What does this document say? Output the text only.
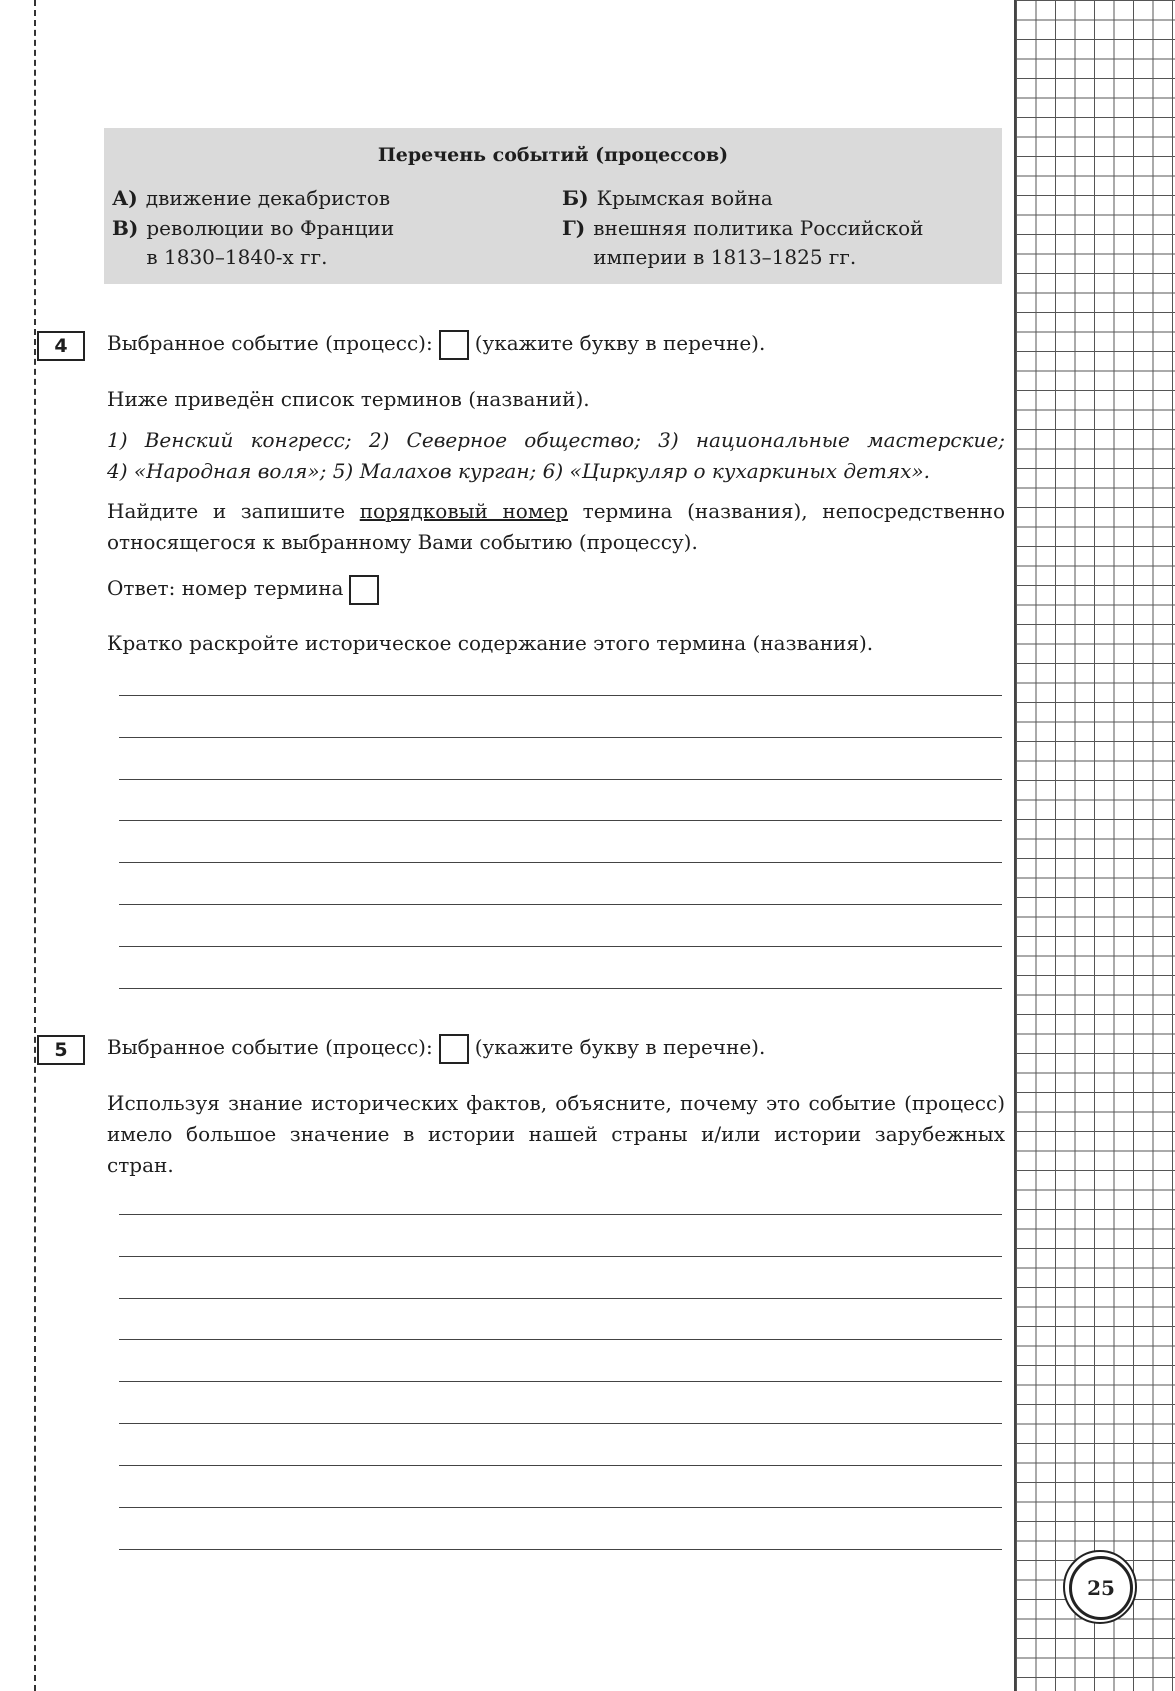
25
Перечень событий (процессов)
А) движение декабристов	Б) Крымская война
В) революции во Франции
в 1830–1840-х гг.
Г) внешняя политика Российской
империи в 1813–1825 гг.
4	Выбранное событие (процесс): (укажите букву в перечне).
Ниже приведён список терминов (названий).
1) Венский конгресс; 2) Северное общество; 3) национальные мастерские;
4) «Народная воля»; 5) Малахов курган; 6) «Циркуляр о кухаркиных детях».
Найдите и запишите порядковый номер термина (названия), непосредственно относящегося к выбранному Вами событию (процессу).
Ответ: номер термина
Кратко раскройте историческое содержание этого термина (названия).
5	Выбранное событие (процесс): (укажите букву в перечне).
Используя знание исторических фактов, объясните, почему это событие (процесс) имело большое значение в истории нашей страны и/или истории зарубежных стран.
